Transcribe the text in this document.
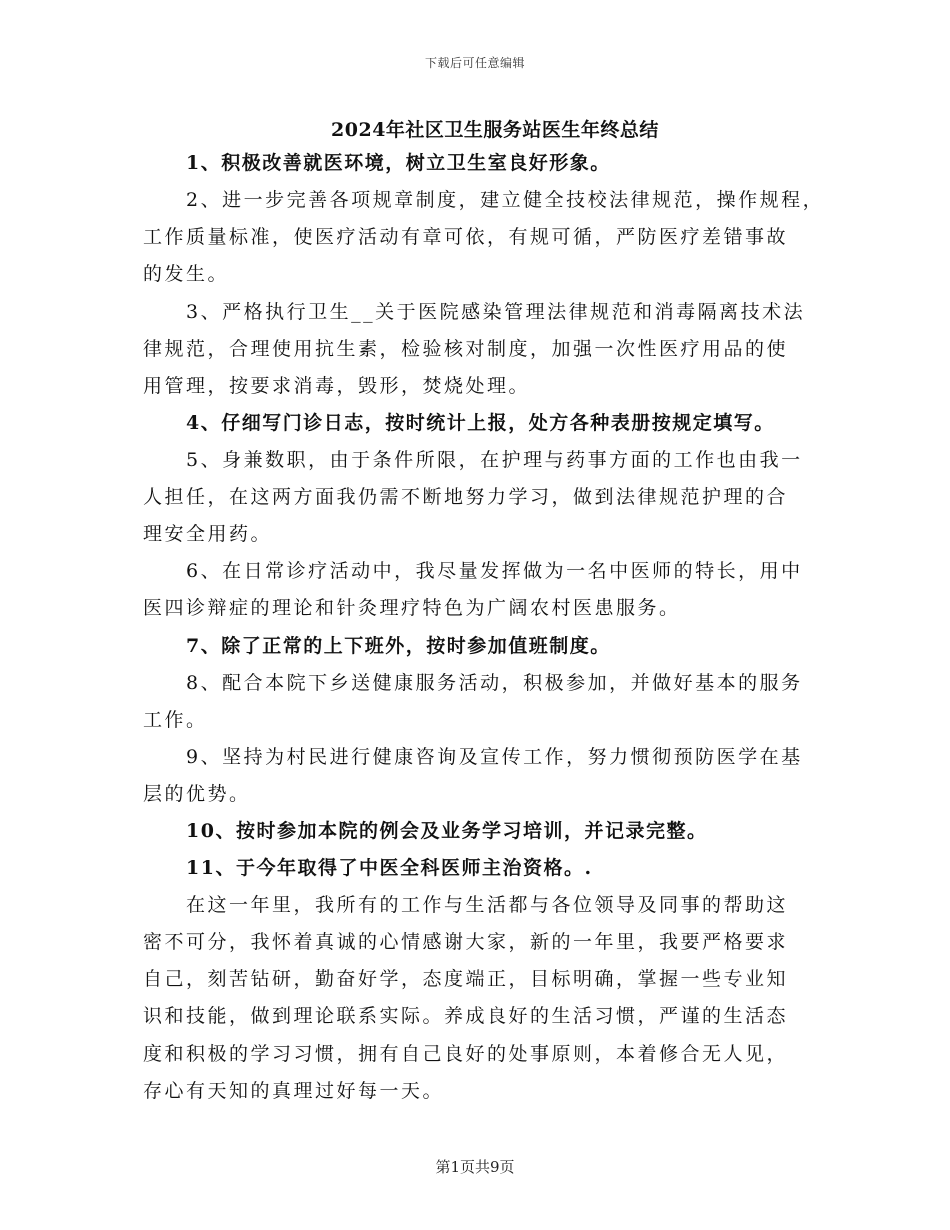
下载后可任意编辑
2024年社区卫生服务站医生年终总结
1、积极改善就医环境，树立卫生室良好形象。
2、进一步完善各项规章制度，建立健全技校法律规范，操作规程，
工作质量标准，使医疗活动有章可依，有规可循，严防医疗差错事故
的发生。
3、严格执行卫生__关于医院感染管理法律规范和消毒隔离技术法
律规范，合理使用抗生素，检验核对制度，加强一次性医疗用品的使
用管理，按要求消毒，毁形，焚烧处理。
4、仔细写门诊日志，按时统计上报，处方各种表册按规定填写。
5、身兼数职，由于条件所限，在护理与药事方面的工作也由我一
人担任，在这两方面我仍需不断地努力学习，做到法律规范护理的合
理安全用药。
6、在日常诊疗活动中，我尽量发挥做为一名中医师的特长，用中
医四诊辩症的理论和针灸理疗特色为广阔农村医患服务。
7、除了正常的上下班外，按时参加值班制度。
8、配合本院下乡送健康服务活动，积极参加，并做好基本的服务
工作。
9、坚持为村民进行健康咨询及宣传工作，努力惯彻预防医学在基
层的优势。
10、按时参加本院的例会及业务学习培训，并记录完整。
11、于今年取得了中医全科医师主治资格。.
在这一年里，我所有的工作与生活都与各位领导及同事的帮助这
密不可分，我怀着真诚的心情感谢大家，新的一年里，我要严格要求
自己，刻苦钻研，勤奋好学，态度端正，目标明确，掌握一些专业知
识和技能，做到理论联系实际。养成良好的生活习惯，严谨的生活态
度和积极的学习习惯，拥有自己良好的处事原则，本着修合无人见，
存心有天知的真理过好每一天。
第1页共9页
